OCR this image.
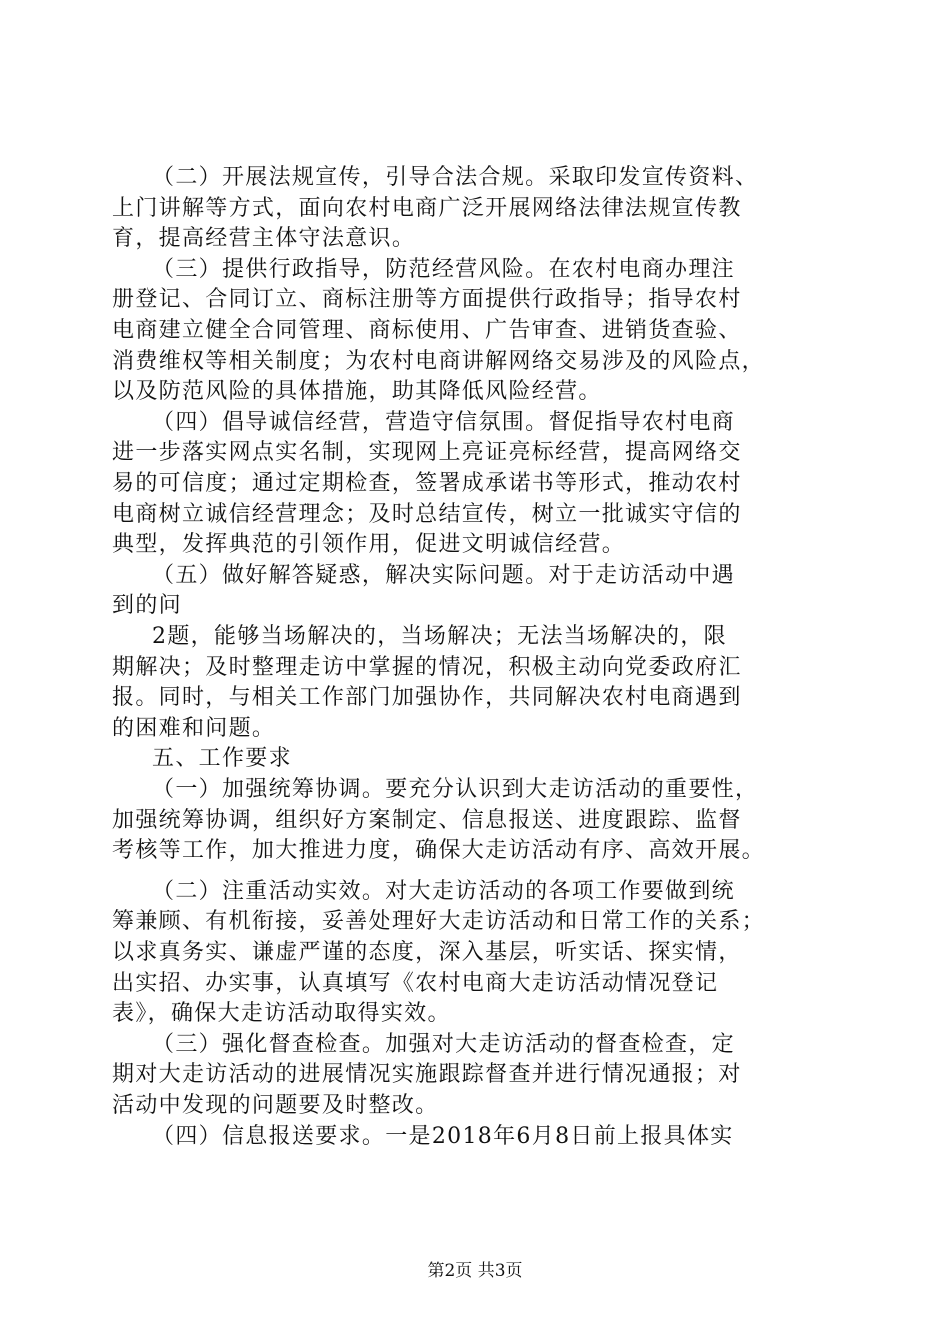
（二）开展法规宣传，引导合法合规。采取印发宣传资料、
上门讲解等方式，面向农村电商广泛开展网络法律法规宣传教
育，提高经营主体守法意识。
（三）提供行政指导，防范经营风险。在农村电商办理注
册登记、合同订立、商标注册等方面提供行政指导；指导农村
电商建立健全合同管理、商标使用、广告审查、进销货查验、
消费维权等相关制度；为农村电商讲解网络交易涉及的风险点，
以及防范风险的具体措施，助其降低风险经营。
（四）倡导诚信经营，营造守信氛围。督促指导农村电商
进一步落实网点实名制，实现网上亮证亮标经营，提高网络交
易的可信度；通过定期检查，签署成承诺书等形式，推动农村
电商树立诚信经营理念；及时总结宣传，树立一批诚实守信的
典型，发挥典范的引领作用，促进文明诚信经营。
（五）做好解答疑惑，解决实际问题。对于走访活动中遇
到的问
2题，能够当场解决的，当场解决；无法当场解决的，限
期解决；及时整理走访中掌握的情况，积极主动向党委政府汇
报。同时，与相关工作部门加强协作，共同解决农村电商遇到
的困难和问题。
五、工作要求
（一）加强统筹协调。要充分认识到大走访活动的重要性，
加强统筹协调，组织好方案制定、信息报送、进度跟踪、监督
考核等工作，加大推进力度，确保大走访活动有序、高效开展。
（二）注重活动实效。对大走访活动的各项工作要做到统
筹兼顾、有机衔接，妥善处理好大走访活动和日常工作的关系；
以求真务实、谦虚严谨的态度，深入基层，听实话、探实情，
出实招、办实事，认真填写《农村电商大走访活动情况登记
表》，确保大走访活动取得实效。
（三）强化督查检查。加强对大走访活动的督查检查，定
期对大走访活动的进展情况实施跟踪督查并进行情况通报；对
活动中发现的问题要及时整改。
（四）信息报送要求。一是2018年6月8日前上报具体实
第2页 共3页
